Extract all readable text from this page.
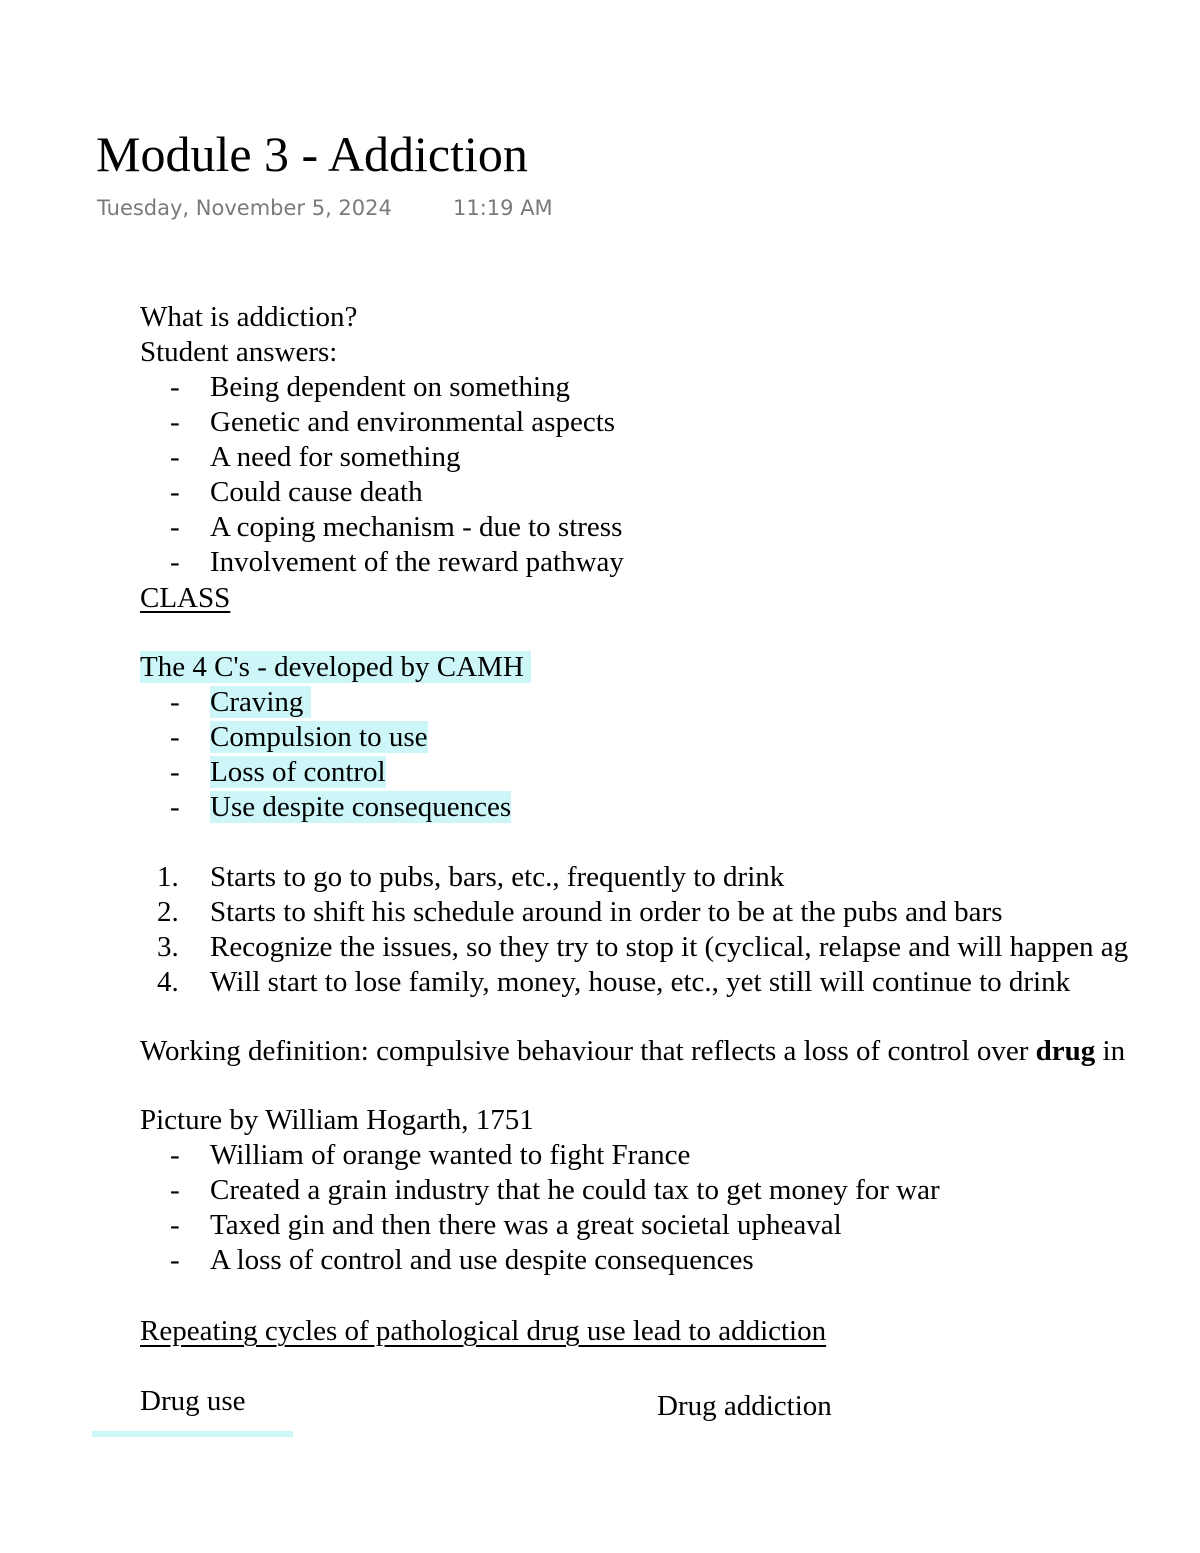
Module 3 - Addiction
Tuesday, November 5, 2024	11:19 AM
What is addiction?
Student answers:
- Being dependent on something
- Genetic and environmental aspects
- A need for something
- Could cause death
- A coping mechanism - due to stress
- Involvement of the reward pathway
CLASS
The 4 C's - developed by CAMH
- Craving
- Compulsion to use
- Loss of control
- Use despite consequences
1. Starts to go to pubs, bars, etc., frequently to drink
2. Starts to shift his schedule around in order to be at the pubs and bars
3. Recognize the issues, so they try to stop it (cyclical, relapse and will happen ag
4. Will start to lose family, money, house, etc., yet still will continue to drink
Working definition: compulsive behaviour that reflects a loss of control over drug in
Picture by William Hogarth, 1751
- William of orange wanted to fight France
- Created a grain industry that he could tax to get money for war
- Taxed gin and then there was a great societal upheaval
- A loss of control and use despite consequences
Repeating cycles of pathological drug use lead to addiction
Drug use	Drug addiction
